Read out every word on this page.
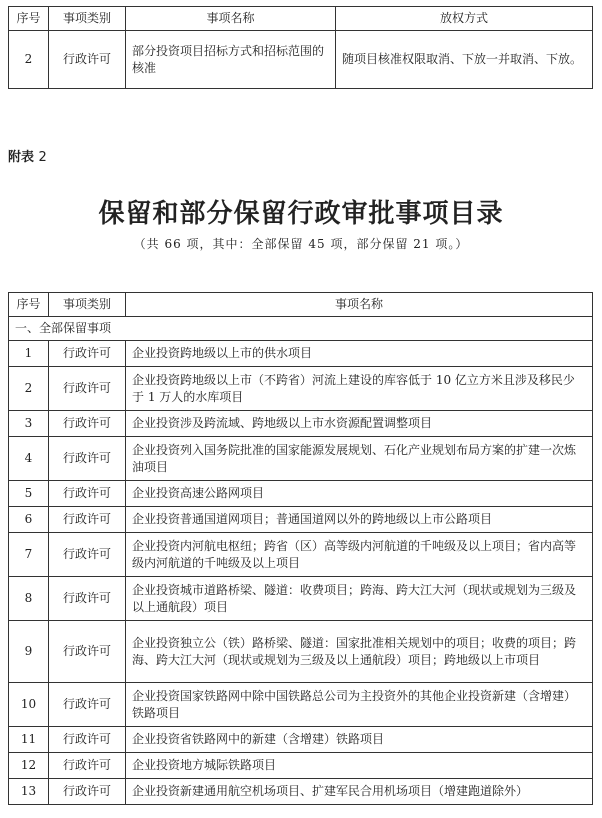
序号	事项类别	事项名称	放权方式
2	行政许可	部分投资项目招标方式和招标范围的核准	随项目核准权限取消、下放一并取消、下放。
附表 2
保留和部分保留行政审批事项目录
（共 66 项，其中：全部保留 45 项，部分保留 21 项。）
序号	事项类别	事项名称
一、全部保留事项		
1	行政许可	企业投资跨地级以上市的供水项目
2	行政许可	企业投资跨地级以上市（不跨省）河流上建设的库容低于 10 亿立方米且涉及移民少于 1 万人的水库项目
3	行政许可	企业投资涉及跨流域、跨地级以上市水资源配置调整项目
4	行政许可	企业投资列入国务院批准的国家能源发展规划、石化产业规划布局方案的扩建一次炼油项目
5	行政许可	企业投资高速公路网项目
6	行政许可	企业投资普通国道网项目；普通国道网以外的跨地级以上市公路项目
7	行政许可	企业投资内河航电枢纽；跨省（区）高等级内河航道的千吨级及以上项目；省内高等级内河航道的千吨级及以上项目
8	行政许可	企业投资城市道路桥梁、隧道：收费项目；跨海、跨大江大河（现状或规划为三级及以上通航段）项目
9	行政许可	企业投资独立公（铁）路桥梁、隧道：国家批准相关规划中的项目；收费的项目；跨海、跨大江大河（现状或规划为三级及以上通航段）项目；跨地级以上市项目
10	行政许可	企业投资国家铁路网中除中国铁路总公司为主投资外的其他企业投资新建（含增建）铁路项目
11	行政许可	企业投资省铁路网中的新建（含增建）铁路项目
12	行政许可	企业投资地方城际铁路项目
13	行政许可	企业投资新建通用航空机场项目、扩建军民合用机场项目（增建跑道除外）
